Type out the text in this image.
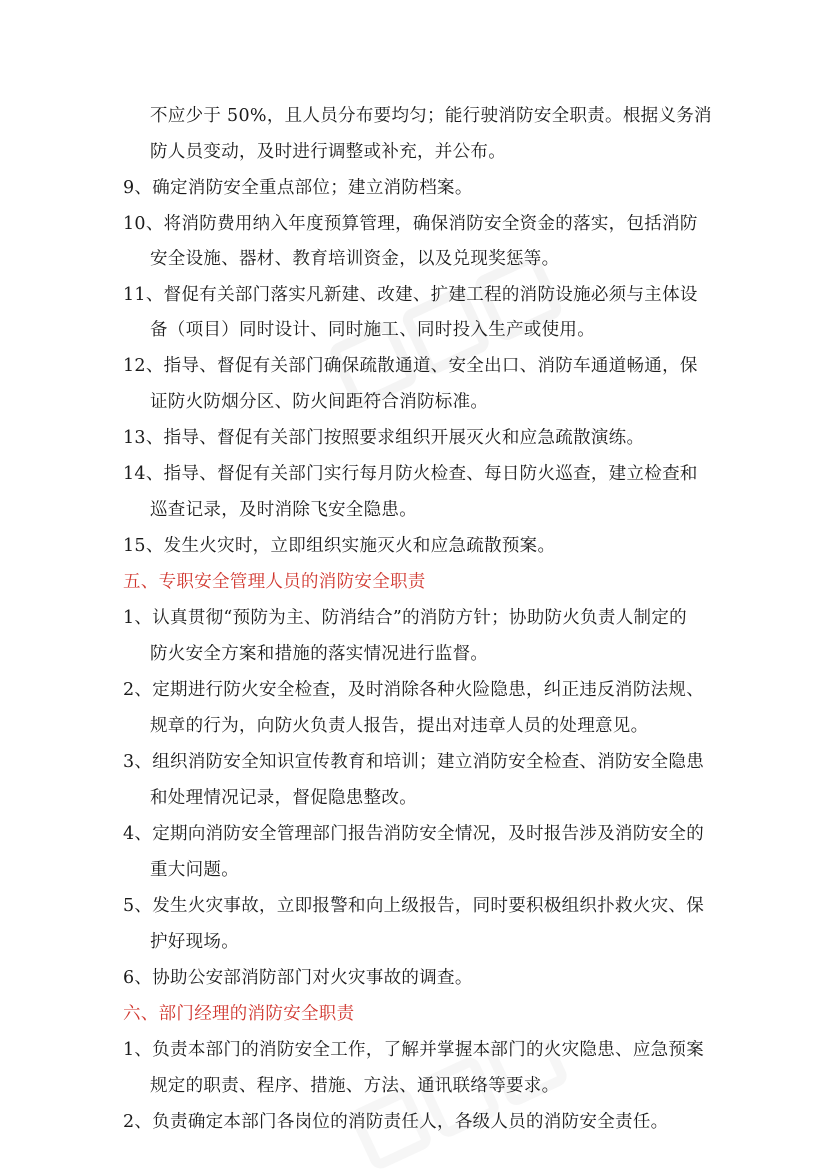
不应少于 50%，且人员分布要均匀；能行驶消防安全职责。根据义务消
防人员变动，及时进行调整或补充，并公布。
9、确定消防安全重点部位；建立消防档案。
10、将消防费用纳入年度预算管理，确保消防安全资金的落实，包括消防
安全设施、器材、教育培训资金，以及兑现奖惩等。
11、督促有关部门落实凡新建、改建、扩建工程的消防设施必须与主体设
备（项目）同时设计、同时施工、同时投入生产或使用。
12、指导、督促有关部门确保疏散通道、安全出口、消防车通道畅通，保
证防火防烟分区、防火间距符合消防标准。
13、指导、督促有关部门按照要求组织开展灭火和应急疏散演练。
14、指导、督促有关部门实行每月防火检查、每日防火巡查，建立检查和
巡查记录，及时消除飞安全隐患。
15、发生火灾时，立即组织实施灭火和应急疏散预案。
五、专职安全管理人员的消防安全职责
1、认真贯彻“预防为主、防消结合”的消防方针；协助防火负责人制定的
防火安全方案和措施的落实情况进行监督。
2、定期进行防火安全检查，及时消除各种火险隐患，纠正违反消防法规、
规章的行为，向防火负责人报告，提出对违章人员的处理意见。
3、组织消防安全知识宣传教育和培训；建立消防安全检查、消防安全隐患
和处理情况记录，督促隐患整改。
4、定期向消防安全管理部门报告消防安全情况，及时报告涉及消防安全的
重大问题。
5、发生火灾事故，立即报警和向上级报告，同时要积极组织扑救火灾、保
护好现场。
6、协助公安部消防部门对火灾事故的调查。
六、部门经理的消防安全职责
1、负责本部门的消防安全工作，了解并掌握本部门的火灾隐患、应急预案
规定的职责、程序、措施、方法、通讯联络等要求。
2、负责确定本部门各岗位的消防责任人，各级人员的消防安全责任。
